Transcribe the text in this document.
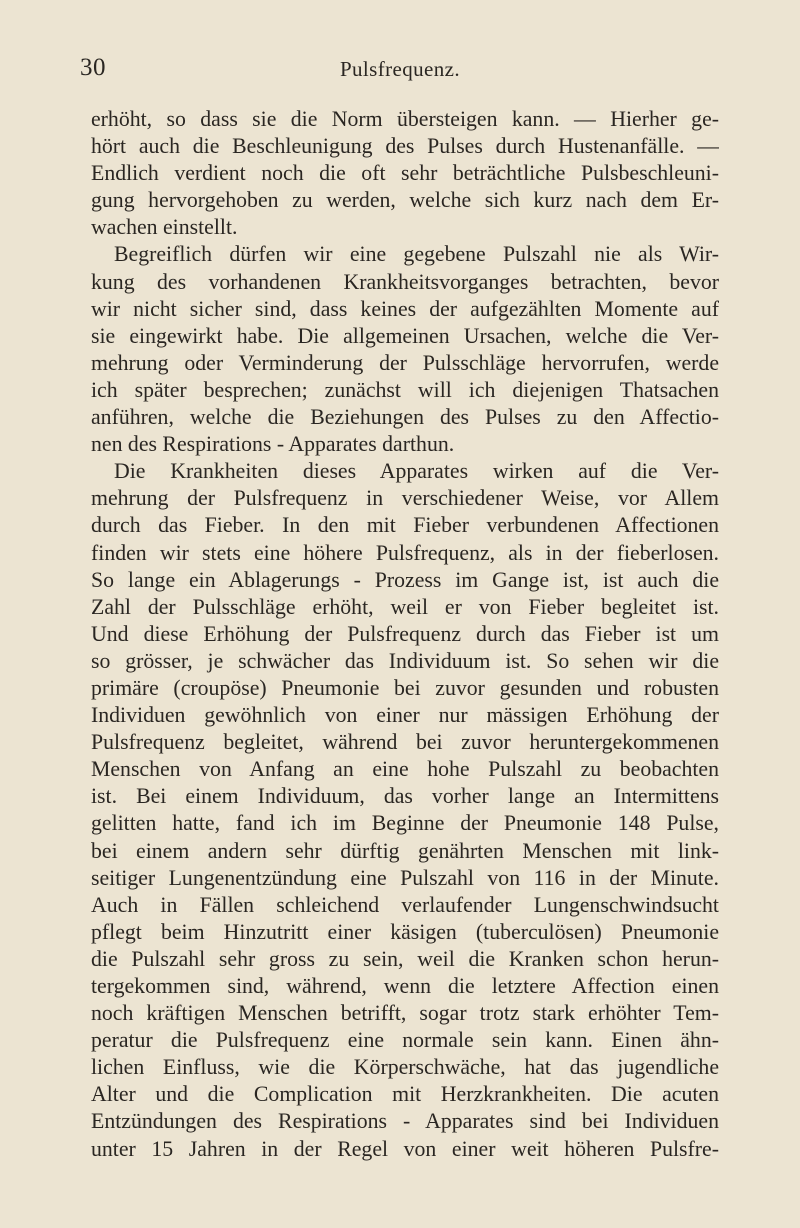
30	Pulsfrequenz.
erhöht, so dass sie die Norm übersteigen kann. — Hierher ge-
hört auch die Beschleunigung des Pulses durch Hustenanfälle. —
Endlich verdient noch die oft sehr beträchtliche Pulsbeschleuni-
gung hervorgehoben zu werden, welche sich kurz nach dem Er-
wachen einstellt.
Begreiflich dürfen wir eine gegebene Pulszahl nie als Wir-
kung des vorhandenen Krankheitsvorganges betrachten, bevor
wir nicht sicher sind, dass keines der aufgezählten Momente auf
sie eingewirkt habe. Die allgemeinen Ursachen, welche die Ver-
mehrung oder Verminderung der Pulsschläge hervorrufen, werde
ich später besprechen; zunächst will ich diejenigen Thatsachen
anführen, welche die Beziehungen des Pulses zu den Affectio-
nen des Respirations - Apparates darthun.
Die Krankheiten dieses Apparates wirken auf die Ver-
mehrung der Pulsfrequenz in verschiedener Weise, vor Allem
durch das Fieber. In den mit Fieber verbundenen Affectionen
finden wir stets eine höhere Pulsfrequenz, als in der fieberlosen.
So lange ein Ablagerungs - Prozess im Gange ist, ist auch die
Zahl der Pulsschläge erhöht, weil er von Fieber begleitet ist.
Und diese Erhöhung der Pulsfrequenz durch das Fieber ist um
so grösser, je schwächer das Individuum ist. So sehen wir die
primäre (croupöse) Pneumonie bei zuvor gesunden und robusten
Individuen gewöhnlich von einer nur mässigen Erhöhung der
Pulsfrequenz begleitet, während bei zuvor heruntergekommenen
Menschen von Anfang an eine hohe Pulszahl zu beobachten
ist. Bei einem Individuum, das vorher lange an Intermittens
gelitten hatte, fand ich im Beginne der Pneumonie 148 Pulse,
bei einem andern sehr dürftig genährten Menschen mit link-
seitiger Lungenentzündung eine Pulszahl von 116 in der Minute.
Auch in Fällen schleichend verlaufender Lungenschwindsucht
pflegt beim Hinzutritt einer käsigen (tuberculösen) Pneumonie
die Pulszahl sehr gross zu sein, weil die Kranken schon herun-
tergekommen sind, während, wenn die letztere Affection einen
noch kräftigen Menschen betrifft, sogar trotz stark erhöhter Tem-
peratur die Pulsfrequenz eine normale sein kann. Einen ähn-
lichen Einfluss, wie die Körperschwäche, hat das jugendliche
Alter und die Complication mit Herzkrankheiten. Die acuten
Entzündungen des Respirations - Apparates sind bei Individuen
unter 15 Jahren in der Regel von einer weit höheren Pulsfre-
